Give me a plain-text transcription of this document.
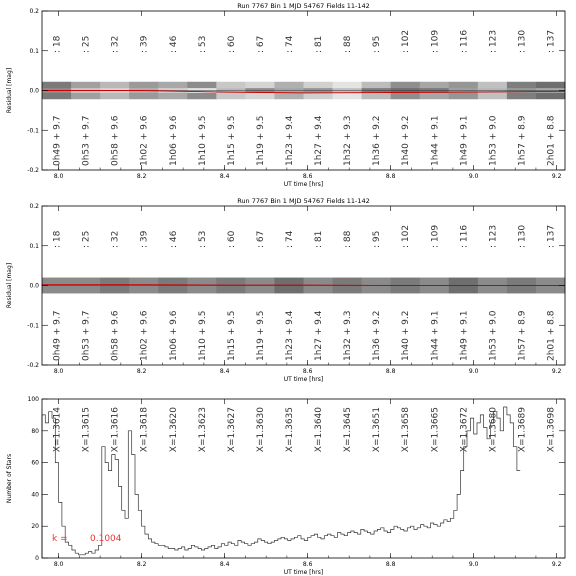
: 18
0h49 + 9.7
: 25
0h53 + 9.7
: 32
0h58 + 9.6
: 39
1h02 + 9.6
: 46
1h06 + 9.6
: 53
1h10 + 9.5
: 60
1h15 + 9.5
: 67
1h19 + 9.5
: 74
1h23 + 9.4
: 81
1h27 + 9.4
: 88
1h32 + 9.3
: 95
1h36 + 9.2
: 102
1h40 + 9.2
: 109
1h44 + 9.1
: 116
1h49 + 9.1
: 123
1h53 + 9.0
: 130
1h57 + 8.9
: 137
2h01 + 8.8
Run 7767 Bin 1 MJD 54767 Fields 11-142
Residual [mag]
UT time [hrs]
8.0	8.2	8.4	8.6	8.8	9.0	9.2
0.2
0.1
0.0
-0.1
-0.2
: 18
0h49 + 9.7
: 25
0h53 + 9.7
: 32
0h58 + 9.6
: 39
1h02 + 9.6
: 46
1h06 + 9.6
: 53
1h10 + 9.5
: 60
1h15 + 9.5
: 67
1h19 + 9.5
: 74
1h23 + 9.4
: 81
1h27 + 9.4
: 88
1h32 + 9.3
: 95
1h36 + 9.2
: 102
1h40 + 9.2
: 109
1h44 + 9.1
: 116
1h49 + 9.1
: 123
1h53 + 9.0
: 130
1h57 + 8.9
: 137
2h01 + 8.8
Run 7767 Bin 1 MJD 54767 Fields 11-142
Residual [mag]
UT time [hrs]
8.0	8.2	8.4	8.6	8.8	9.0	9.2
0.2
0.1
0.0
-0.1
-0.2
X=1.3614 X=1.3615 X=1.3616 X=1.3618 X=1.3620 X=1.3623 X=1.3627 X=1.3630 X=1.3635 X=1.3640 X=1.3645 X=1.3651 X=1.3658 X=1.3665 X=1.3672 X=1.3680 X=1.3689 X=1.3698
k = 0.1004
Number of Stars
UT time [hrs]
8.0	8.2	8.4	8.6	8.8	9.0	9.2
100
80
60
40
20
0
